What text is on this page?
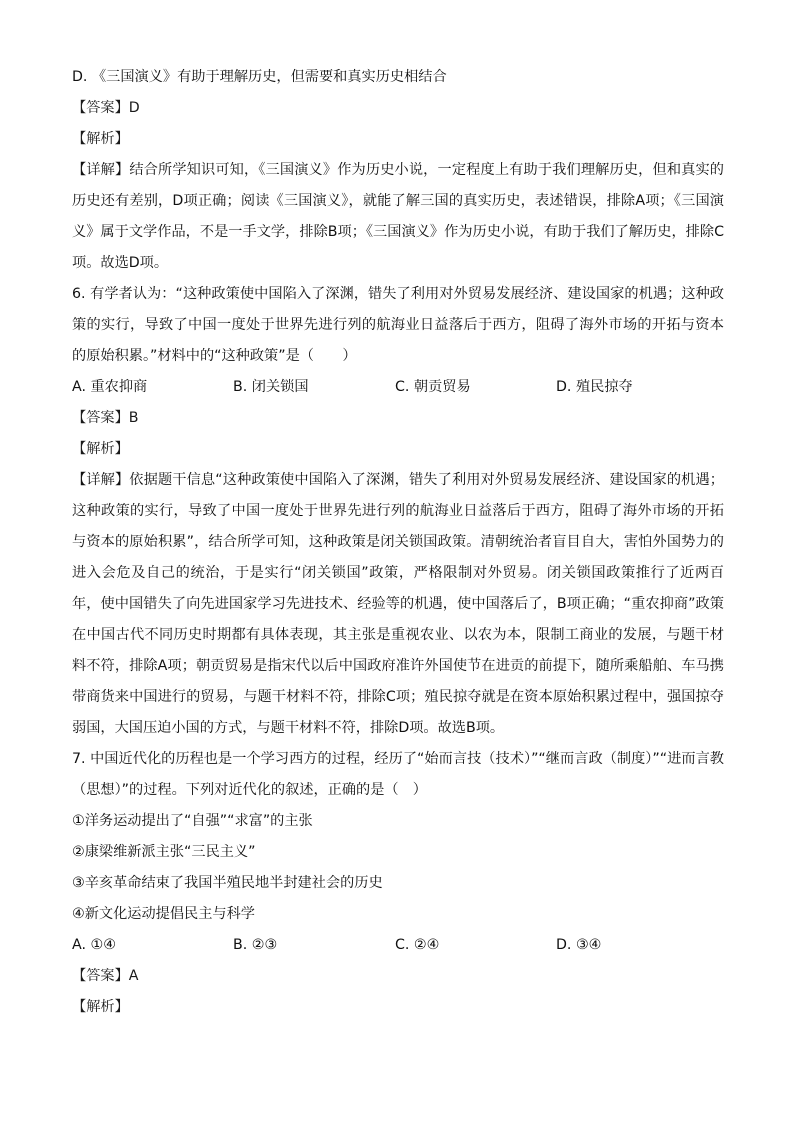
D. 《三国演义》有助于理解历史，但需要和真实历史相结合
【答案】D
【解析】
【详解】结合所学知识可知，《三国演义》作为历史小说，一定程度上有助于我们理解历史，但和真实的历史还有差别，D项正确；阅读《三国演义》，就能了解三国的真实历史，表述错误，排除A项；《三国演义》属于文学作品，不是一手文学，排除B项；《三国演义》作为历史小说，有助于我们了解历史，排除C项。故选D项。
6. 有学者认为：“这种政策使中国陷入了深渊，错失了利用对外贸易发展经济、建设国家的机遇；这种政策的实行，导致了中国一度处于世界先进行列的航海业日益落后于西方，阻碍了海外市场的开拓与资本的原始积累。”材料中的“这种政策”是（　　）
A. 重农抑商	B. 闭关锁国	C. 朝贡贸易	D. 殖民掠夺
【答案】B
【解析】
【详解】依据题干信息“这种政策使中国陷入了深渊，错失了利用对外贸易发展经济、建设国家的机遇；这种政策的实行，导致了中国一度处于世界先进行列的航海业日益落后于西方，阻碍了海外市场的开拓与资本的原始积累”，结合所学可知，这种政策是闭关锁国政策。清朝统治者盲目自大，害怕外国势力的进入会危及自己的统治，于是实行“闭关锁国”政策，严格限制对外贸易。闭关锁国政策推行了近两百年，使中国错失了向先进国家学习先进技术、经验等的机遇，使中国落后了，B项正确；“重农抑商”政策在中国古代不同历史时期都有具体表现，其主张是重视农业、以农为本，限制工商业的发展，与题干材料不符，排除A项；朝贡贸易是指宋代以后中国政府准许外国使节在进贡的前提下，随所乘船舶、车马携带商货来中国进行的贸易，与题干材料不符，排除C项；殖民掠夺就是在资本原始积累过程中，强国掠夺弱国，大国压迫小国的方式，与题干材料不符，排除D项。故选B项。
7. 中国近代化的历程也是一个学习西方的过程，经历了“始而言技（技术）”“继而言政（制度）”“进而言教（思想）”的过程。下列对近代化的叙述，正确的是（　）
①洋务运动提出了“自强”“求富”的主张
②康梁维新派主张“三民主义”
③辛亥革命结束了我国半殖民地半封建社会的历史
④新文化运动提倡民主与科学
A. ①④	B. ②③	C. ②④	D. ③④
【答案】A
【解析】
